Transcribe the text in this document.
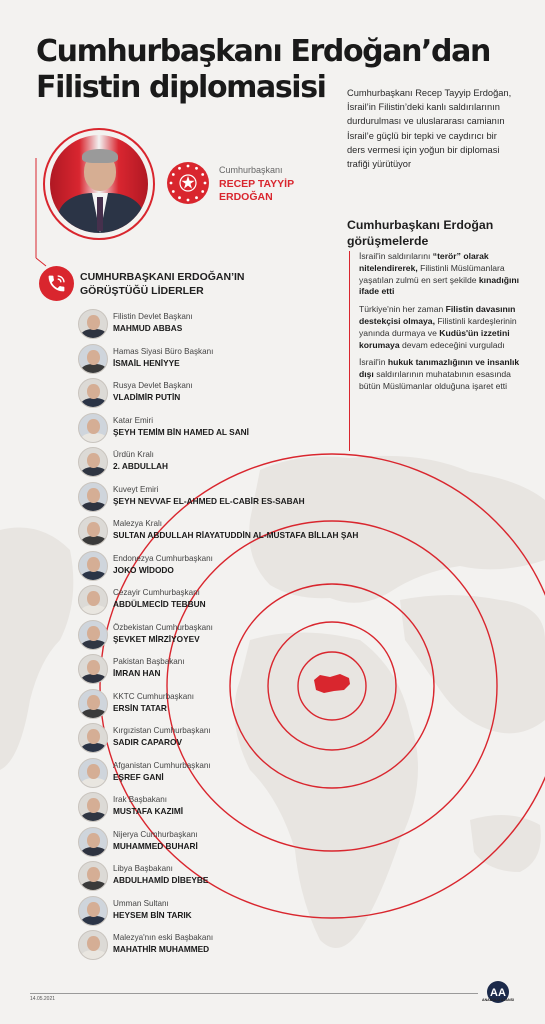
Cumhurbaşkanı Erdoğan’dan
Filistin diplomasisi	Cumhurbaşkanı Recep Tayyip Erdoğan, İsrail’in Filistin’deki kanlı saldırılarının durdurulması ve uluslararası camianın İsrail’e güçlü bir tepki ve caydırıcı bir ders vermesi için yoğun bir diplomasi trafiği yürütüyor
Cumhurbaşkanı
RECEP TAYYİP
ERDOĞAN
Cumhurbaşkanı Erdoğan görüşmelerde

İsrail'in saldırılarını “terör” olarak nitelendirerek, Filistinli Müslümanlara yaşatılan zulmü en sert şekilde kınadığını ifade etti

Türkiye'nin her zaman Filistin davasının destekçisi olmaya, Filistinli kardeşlerinin yanında durmaya ve Kudüs'ün izzetini korumaya devam edeceğini vurguladı

İsrail'in hukuk tanımazlığının ve insanlık dışı saldırılarının muhatabının esasında bütün Müslümanlar olduğuna işaret etti

CUMHURBAŞKANI ERDOĞAN’IN
GÖRÜŞTÜĞÜ LİDERLER
Filistin Devlet Başkanı
MAHMUD ABBAS
Hamas Siyasi Büro Başkanı
İSMAİL HENİYYE
Rusya Devlet Başkanı
VLADİMİR PUTİN
Katar Emiri
ŞEYH TEMİM BİN HAMED AL SANİ
Ürdün Kralı
2. ABDULLAH
Kuveyt Emiri
ŞEYH NEVVAF EL-AHMED EL-CABİR ES-SABAH
Malezya Kralı
SULTAN ABDULLAH RİAYATUDDİN AL-MUSTAFA BİLLAH ŞAH
Endonezya Cumhurbaşkanı
JOKO WİDODO
Cezayir Cumhurbaşkanı
ABDÜLMECİD TEBBUN
Özbekistan Cumhurbaşkanı
ŞEVKET MİRZİYOYEV
Pakistan Başbakanı
İMRAN HAN
KKTC Cumhurbaşkanı
ERSİN TATAR
Kırgızistan Cumhurbaşkanı
SADIR CAPAROV
Afganistan Cumhurbaşkanı
EŞREF GANİ
Irak Başbakanı
MUSTAFA KAZIMİ
Nijerya Cumhurbaşkanı
MUHAMMED BUHARİ
Libya Başbakanı
ABDULHAMİD DİBEYBE
Umman Sultanı
HEYSEM BİN TARIK
Malezya'nın eski Başbakanı
MAHATHİR MUHAMMED
14.05.2021	AA
ANADOLU AJANSI
